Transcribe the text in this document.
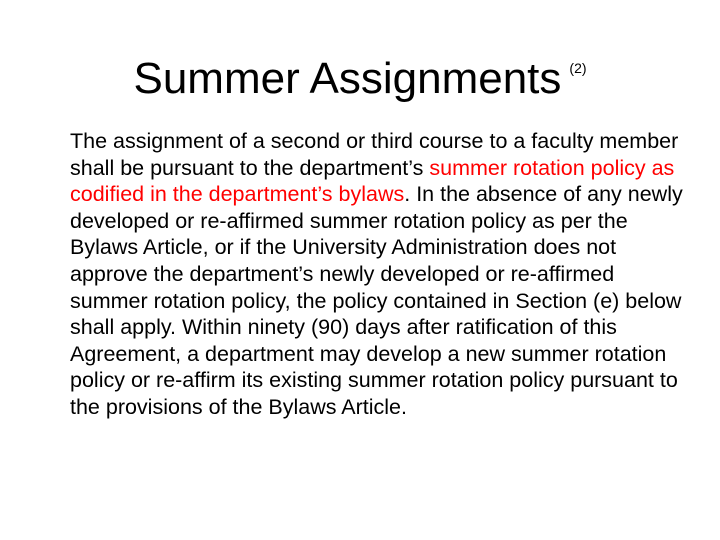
Summer Assignments $^{(2)}$

The assignment of a second or third course to a faculty member shall be pursuant to the department’s summer rotation policy as codified in the department’s bylaws. In the absence of any newly developed or re-affirmed summer rotation policy as per the Bylaws Article, or if the University Administration does not approve the department’s newly developed or re-affirmed summer rotation policy, the policy contained in Section (e) below shall apply. Within ninety (90) days after ratification of this Agreement, a department may develop a new summer rotation policy or re-affirm its existing summer rotation policy pursuant to the provisions of the Bylaws Article.
